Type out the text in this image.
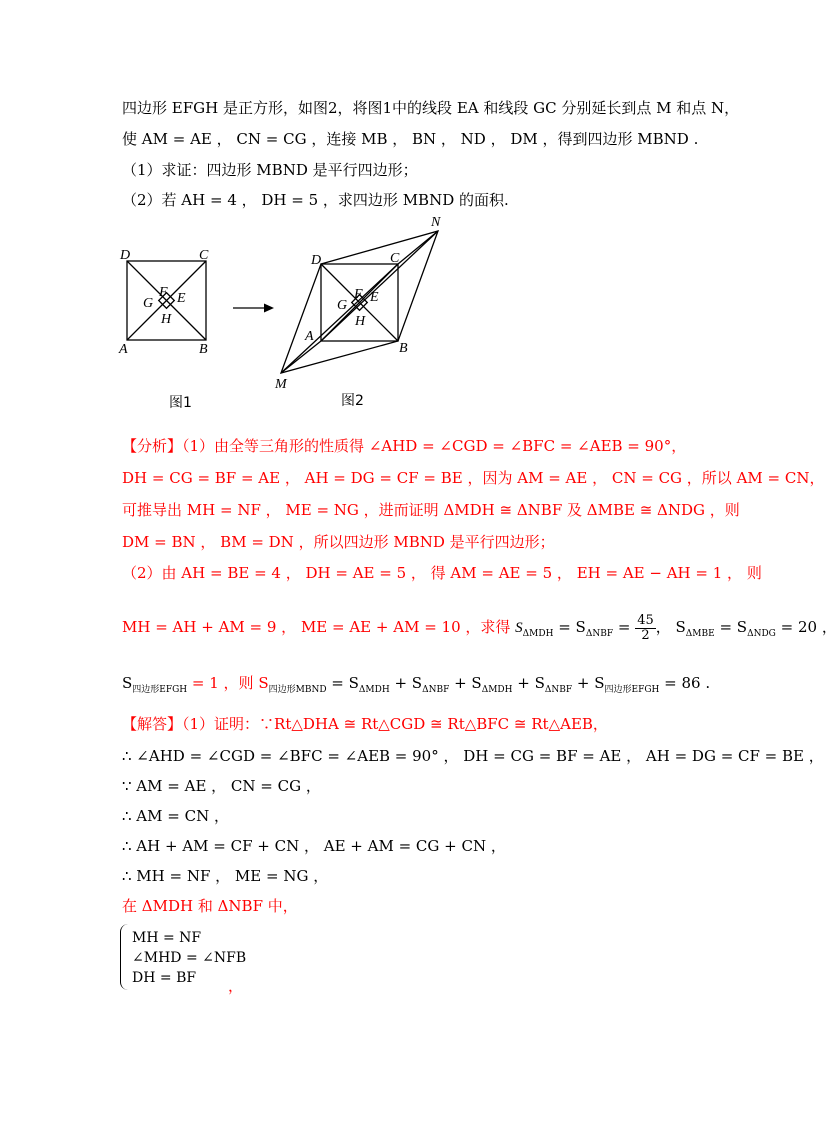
四边形 EFGH 是正方形，如图2，将图1中的线段 EA 和线段 GC 分别延长到点 M 和点 N，
使 AM = AE ， CN = CG ，连接 MB ， BN ， ND ， DM ，得到四边形 MBND .
（1）求证：四边形 MBND 是平行四边形；
（2）若 AH = 4 ， DH = 5 ，求四边形 MBND 的面积.
D	C
A	B
F E
G
H
图1
D	C
A
B
F E
G
H
M
N
图2
【分析】（1）由全等三角形的性质得 ∠AHD = ∠CGD = ∠BFC = ∠AEB = 90°，
DH = CG = BF = AE ， AH = DG = CF = BE ，因为 AM = AE ， CN = CG ，所以 AM = CN，
可推导出 MH = NF ， ME = NG ，进而证明 ΔMDH ≅ ΔNBF 及 ΔMBE ≅ ΔNDG ，则
DM = BN ， BM = DN ，所以四边形 MBND 是平行四边形；
（2）由 AH = BE = 4 ， DH = AE = 5 ， 得 AM = AE = 5 ， EH = AE − AH = 1 ， 则
MH = AH + AM = 9 ， ME = AE + AM = 10 ，求得 $S_{\Delta MDH} = S_{\Delta NBF} = \frac{45}{2}$ ， $S_{\Delta MBE} = S_{\Delta NDG} = 20$ ，
$S_{四边形EFGH} = 1$ ，则 $S_{四边形MBND} = S_{\Delta MDH} + S_{\Delta NBF} + S_{\Delta MDH} + S_{\Delta NBF} + S_{四边形EFGH} = 86$ .
【解答】（1）证明：∵Rt△DHA ≅ Rt△CGD ≅ Rt△BFC ≅ Rt△AEB，
∴ ∠AHD = ∠CGD = ∠BFC = ∠AEB = 90° ， DH = CG = BF = AE ， AH = DG = CF = BE ，
∵ AM = AE ， CN = CG ，
∴ AM = CN ，
∴ AH + AM = CF + CN ， AE + AM = CG + CN ，
∴ MH = NF ， ME = NG ，
在 ΔMDH 和 ΔNBF 中，
MH = NF
∠MHD = ∠NFB
DH = BF ，
